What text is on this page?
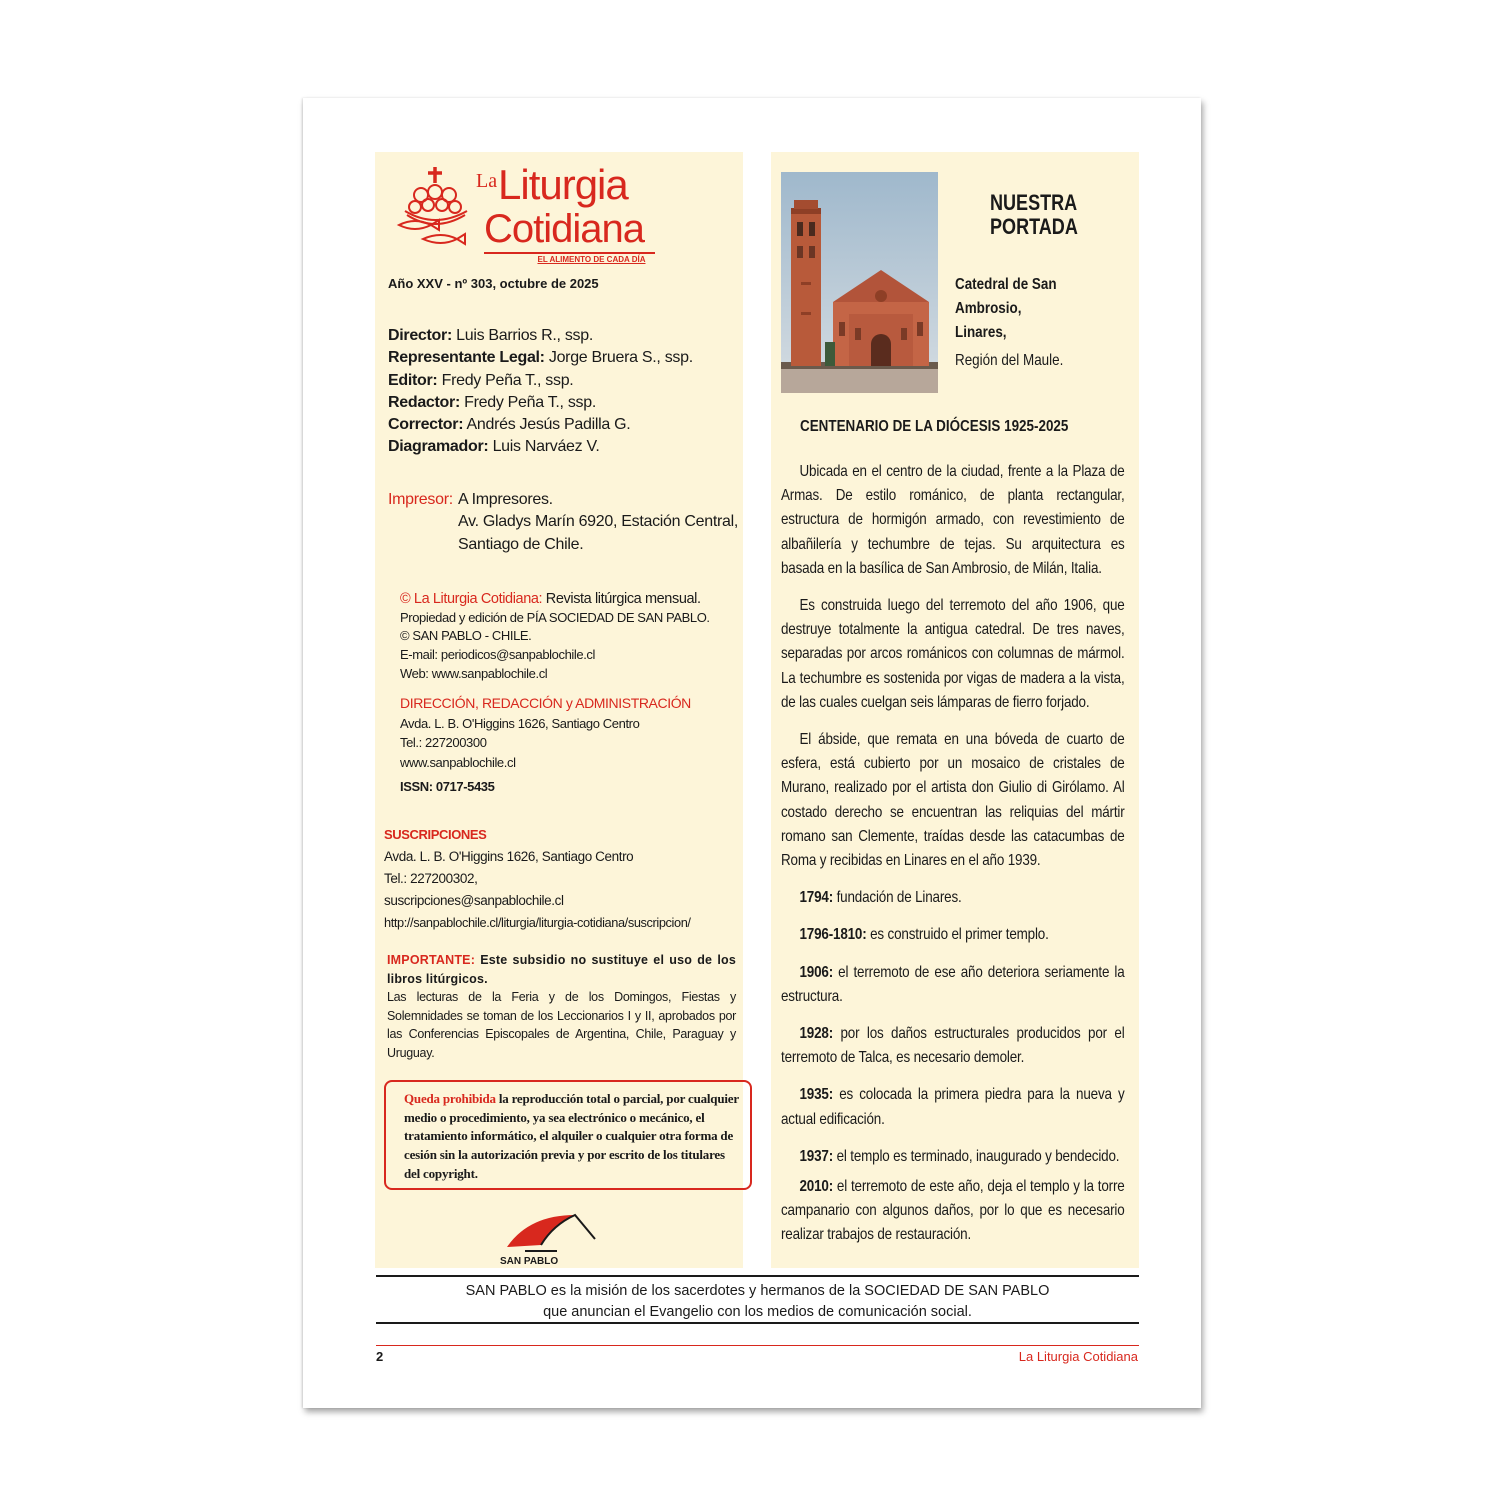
La Liturgia
Cotidiana
EL ALIMENTO DE CADA DÍA
Año XXV - nº 303, octubre de 2025
Director: Luis Barrios R., ssp.
Representante Legal: Jorge Bruera S., ssp.
Editor: Fredy Peña T., ssp.
Redactor: Fredy Peña T., ssp.
Corrector: Andrés Jesús Padilla G.
Diagramador: Luis Narváez V.
Impresor: A Impresores.
Av. Gladys Marín 6920, Estación Central,
Santiago de Chile.
© La Liturgia Cotidiana: Revista litúrgica mensual.
Propiedad y edición de PÍA SOCIEDAD DE SAN PABLO.
© SAN PABLO - CHILE.
E-mail: periodicos@sanpablochile.cl
Web: www.sanpablochile.cl
DIRECCIÓN, REDACCIÓN y ADMINISTRACIÓN
Avda. L. B. O'Higgins 1626, Santiago Centro
Tel.: 227200300
www.sanpablochile.cl
ISSN: 0717-5435
SUSCRIPCIONES
Avda. L. B. O'Higgins 1626, Santiago Centro
Tel.: 227200302,
suscripciones@sanpablochile.cl
http://sanpablochile.cl/liturgia/liturgia-cotidiana/suscripcion/
IMPORTANTE: Este subsidio no sustituye el uso de los libros litúrgicos.
Las lecturas de la Feria y de los Domingos, Fiestas y Solemnidades se toman de los Leccionarios I y II, aprobados por las Conferencias Episcopales de Argentina, Chile, Paraguay y Uruguay.
Queda prohibida la reproducción total o parcial, por cualquier medio o procedimiento, ya sea electrónico o mecánico, el tratamiento informático, el alquiler o cualquier otra forma de cesión sin la autorización previa y por escrito de los titulares del copyright.
SAN PABLO
NUESTRA
PORTADA
Catedral de San Ambrosio,
Linares,
Región del Maule.
CENTENARIO DE LA DIÓCESIS 1925-2025

Ubicada en el centro de la ciudad, frente a la Plaza de Armas. De estilo románico, de planta rectangular, estructura de hormigón armado, con revestimiento de albañilería y techumbre de tejas. Su arquitectura es basada en la basílica de San Ambrosio, de Milán, Italia.

Es construida luego del terremoto del año 1906, que destruye totalmente la antigua catedral. De tres naves, separadas por arcos románicos con columnas de mármol. La techumbre es sostenida por vigas de madera a la vista, de las cuales cuelgan seis lámparas de fierro forjado.

El ábside, que remata en una bóveda de cuarto de esfera, está cubierto por un mosaico de cristales de Murano, realizado por el artista don Giulio di Girólamo. Al costado derecho se encuentran las reliquias del mártir romano san Clemente, traídas desde las catacumbas de Roma y recibidas en Linares en el año 1939.

1794: fundación de Linares.

1796-1810: es construido el primer templo.

1906: el terremoto de ese año deteriora seriamente la estructura.

1928: por los daños estructurales producidos por el terremoto de Talca, es necesario demoler.

1935: es colocada la primera piedra para la nueva y actual edificación.

1937: el templo es terminado, inaugurado y bendecido.

2010: el terremoto de este año, deja el templo y la torre campanario con algunos daños, por lo que es necesario realizar trabajos de restauración.

SAN PABLO es la misión de los sacerdotes y hermanos de la SOCIEDAD DE SAN PABLO
que anuncian el Evangelio con los medios de comunicación social.
2	La Liturgia Cotidiana
